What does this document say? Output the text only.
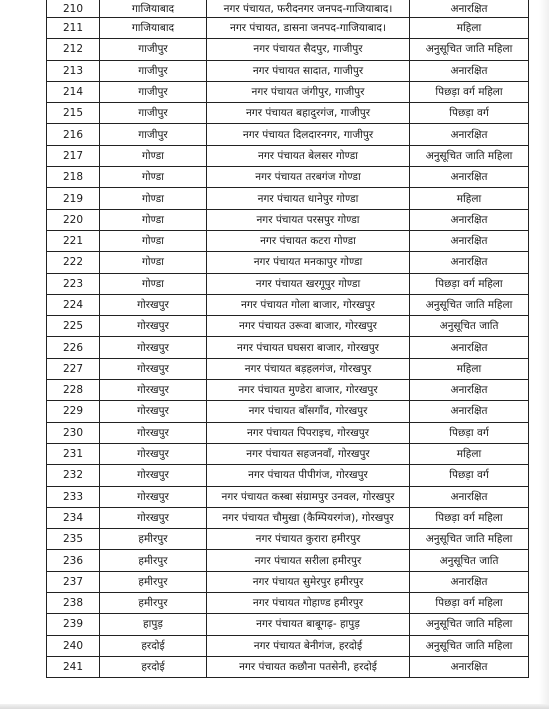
210	गाजियाबाद	नगर पंचायत, फरीदनगर जनपद-गाजियाबाद।	अनारक्षित
211	गाजियाबाद	नगर पंचायत, डासना जनपद-गाजियाबाद।	महिला
212	गाजीपुर	नगर पंचायत सैदपुर, गाजीपुर	अनुसूचित जाति महिला
213	गाजीपुर	नगर पंचायत सादात, गाजीपुर	अनारक्षित
214	गाजीपुर	नगर पंचायत जंगीपुर, गाजीपुर	पिछड़ा वर्ग महिला
215	गाजीपुर	नगर पंचायत बहादुरगंज, गाजीपुर	पिछड़ा वर्ग
216	गाजीपुर	नगर पंचायत दिलदारनगर, गाजीपुर	अनारक्षित
217	गोण्डा	नगर पंचायत बेलसर गोण्डा	अनुसूचित जाति महिला
218	गोण्डा	नगर पंचायत तरबगंज गोण्डा	अनारक्षित
219	गोण्डा	नगर पंचायत धानेपुर गोण्डा	महिला
220	गोण्डा	नगर पंचायत परसपुर गोण्डा	अनारक्षित
221	गोण्डा	नगर पंचायत कटरा गोण्डा	अनारक्षित
222	गोण्डा	नगर पंचायत मनकापुर गोण्डा	अनारक्षित
223	गोण्डा	नगर पंचायत खरगूपुर गोण्डा	पिछड़ा वर्ग महिला
224	गोरखपुर	नगर पंचायत गोला बाजार, गोरखपुर	अनुसूचित जाति महिला
225	गोरखपुर	नगर पंचायत उरूवा बाजार, गोरखपुर	अनुसूचित जाति
226	गोरखपुर	नगर पंचायत घघसरा बाजार, गोरखपुर	अनारक्षित
227	गोरखपुर	नगर पंचायत बड़हलगंज, गोरखपुर	महिला
228	गोरखपुर	नगर पंचायत मुण्डेरा बाजार, गोरखपुर	अनारक्षित
229	गोरखपुर	नगर पंचायत बाँसगाँव, गोरखपुर	अनारक्षित
230	गोरखपुर	नगर पंचायत पिपराइच, गोरखपुर	पिछड़ा वर्ग
231	गोरखपुर	नगर पंचायत सहजनवाँ, गोरखपुर	महिला
232	गोरखपुर	नगर पंचायत पीपीगंज, गोरखपुर	पिछड़ा वर्ग
233	गोरखपुर	नगर पंचायत कस्बा संग्रामपुर उनवल, गोरखपुर	अनारक्षित
234	गोरखपुर	नगर पंचायत चौमुखा (कैम्पियरगंज), गोरखपुर	पिछड़ा वर्ग महिला
235	हमीरपुर	नगर पंचायत कुरारा हमीरपुर	अनुसूचित जाति महिला
236	हमीरपुर	नगर पंचायत सरीला हमीरपुर	अनुसूचित जाति
237	हमीरपुर	नगर पंचायत सुमेरपुर हमीरपुर	अनारक्षित
238	हमीरपुर	नगर पंचायत गोहाण्ड हमीरपुर	पिछड़ा वर्ग महिला
239	हापुड़	नगर पंचायत बाबूगढ़- हापुड़	अनुसूचित जाति महिला
240	हरदोई	नगर पंचायत बेनीगंज, हरदोई	अनुसूचित जाति महिला
241	हरदोई	नगर पंचायत कछौना पतसेनी, हरदोई	अनारक्षित
